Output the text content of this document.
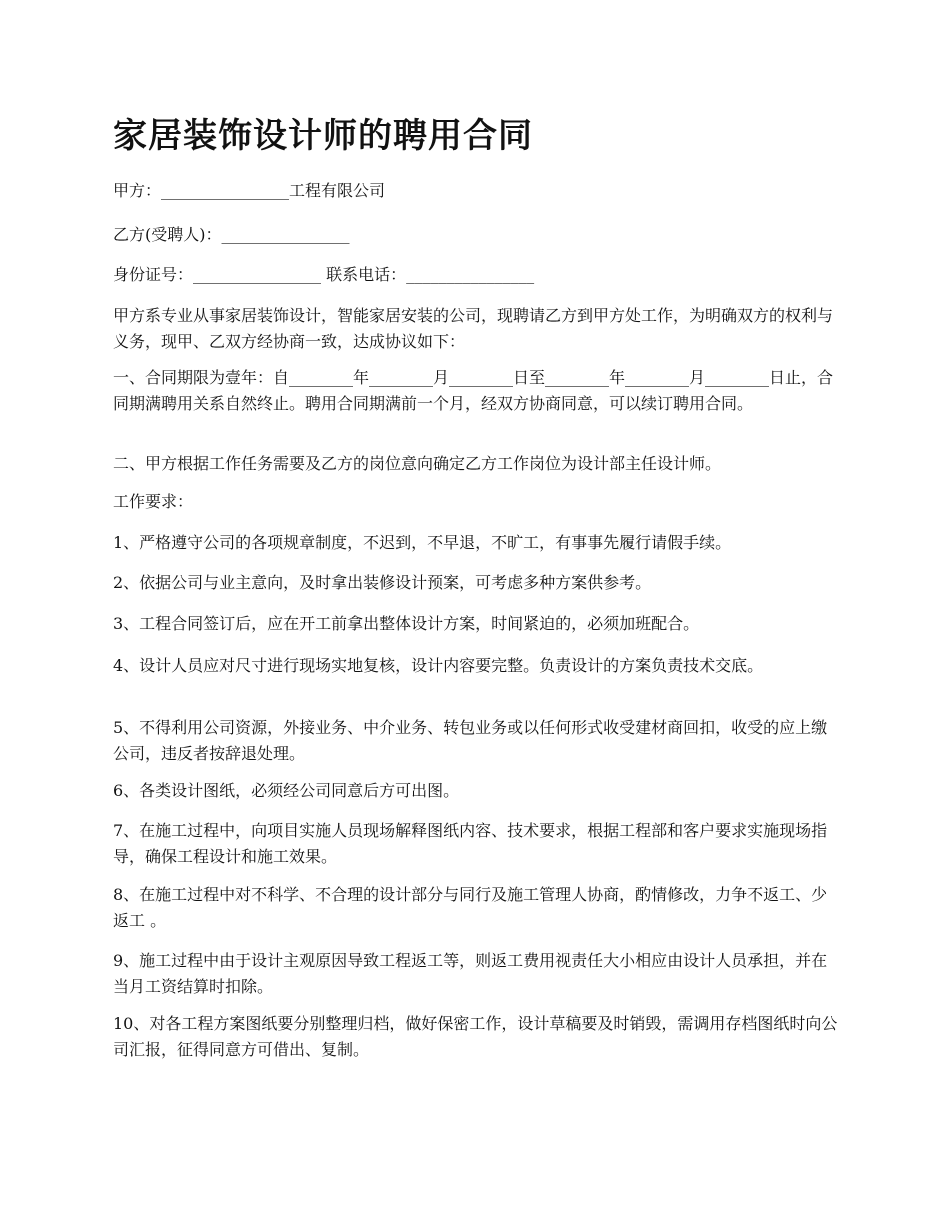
家居装饰设计师的聘用合同

甲方：________________工程有限公司

乙方(受聘人)：________________

身份证号：________________ 联系电话：________________

甲方系专业从事家居装饰设计，智能家居安装的公司，现聘请乙方到甲方处工作，为明确双方的权利与义务，现甲、乙双方经协商一致，达成协议如下：

一、合同期限为壹年：自________年________月________日至________年________月________日止，合同期满聘用关系自然终止。聘用合同期满前一个月，经双方协商同意，可以续订聘用合同。

二、甲方根据工作任务需要及乙方的岗位意向确定乙方工作岗位为设计部主任设计师。

工作要求：

1、严格遵守公司的各项规章制度，不迟到，不早退，不旷工，有事事先履行请假手续。

2、依据公司与业主意向，及时拿出装修设计预案，可考虑多种方案供参考。

3、工程合同签订后，应在开工前拿出整体设计方案，时间紧迫的，必须加班配合。

4、设计人员应对尺寸进行现场实地复核，设计内容要完整。负责设计的方案负责技术交底。

5、不得利用公司资源，外接业务、中介业务、转包业务或以任何形式收受建材商回扣，收受的应上缴公司，违反者按辞退处理。

6、各类设计图纸，必须经公司同意后方可出图。

7、在施工过程中，向项目实施人员现场解释图纸内容、技术要求，根据工程部和客户要求实施现场指导，确保工程设计和施工效果。

8、在施工过程中对不科学、不合理的设计部分与同行及施工管理人协商，酌情修改，力争不返工、少返工 。

9、施工过程中由于设计主观原因导致工程返工等，则返工费用视责任大小相应由设计人员承担，并在当月工资结算时扣除。

10、对各工程方案图纸要分别整理归档，做好保密工作，设计草稿要及时销毁，需调用存档图纸时向公司汇报，征得同意方可借出、复制。
